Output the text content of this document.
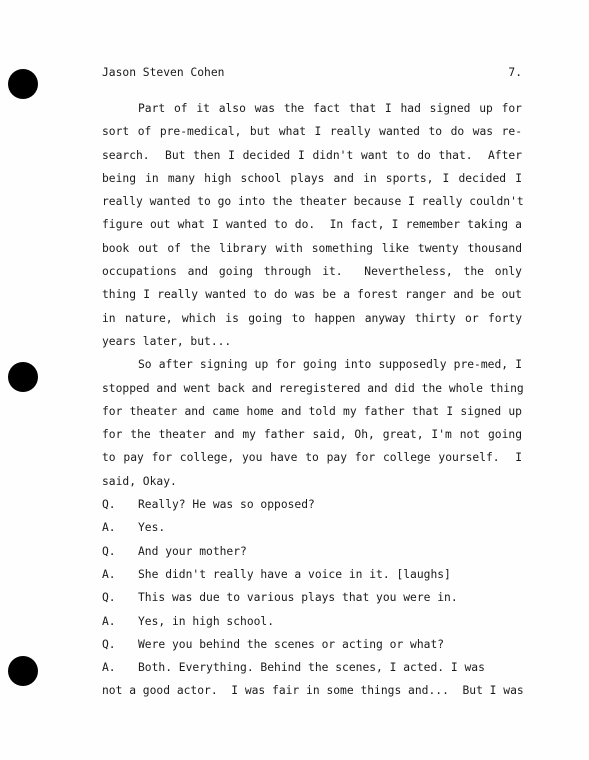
Jason Steven Cohen	7.
Part of it also was the fact that I had signed up for
sort of pre-medical, but what I really wanted to do was re-
search.  But then I decided I didn't want to do that.  After
being in many high school plays and in sports, I decided I
really wanted to go into the theater because I really couldn't
figure out what I wanted to do.  In fact, I remember taking a
book out of the library with something like twenty thousand
occupations and going through it.  Nevertheless, the only
thing I really wanted to do was be a forest ranger and be out
in nature, which is going to happen anyway thirty or forty
years later, but...
So after signing up for going into supposedly pre-med, I
stopped and went back and reregistered and did the whole thing
for theater and came home and told my father that I signed up
for the theater and my father said, Oh, great, I'm not going
to pay for college, you have to pay for college yourself.  I
said, Okay.
Q.	Really? He was so opposed?
A.	Yes.
Q.	And your mother?
A.	She didn't really have a voice in it. [laughs]
Q.	This was due to various plays that you were in.
A.	Yes, in high school.
Q.	Were you behind the scenes or acting or what?
A.	Both. Everything. Behind the scenes, I acted. I was
not a good actor.  I was fair in some things and...  But I was
